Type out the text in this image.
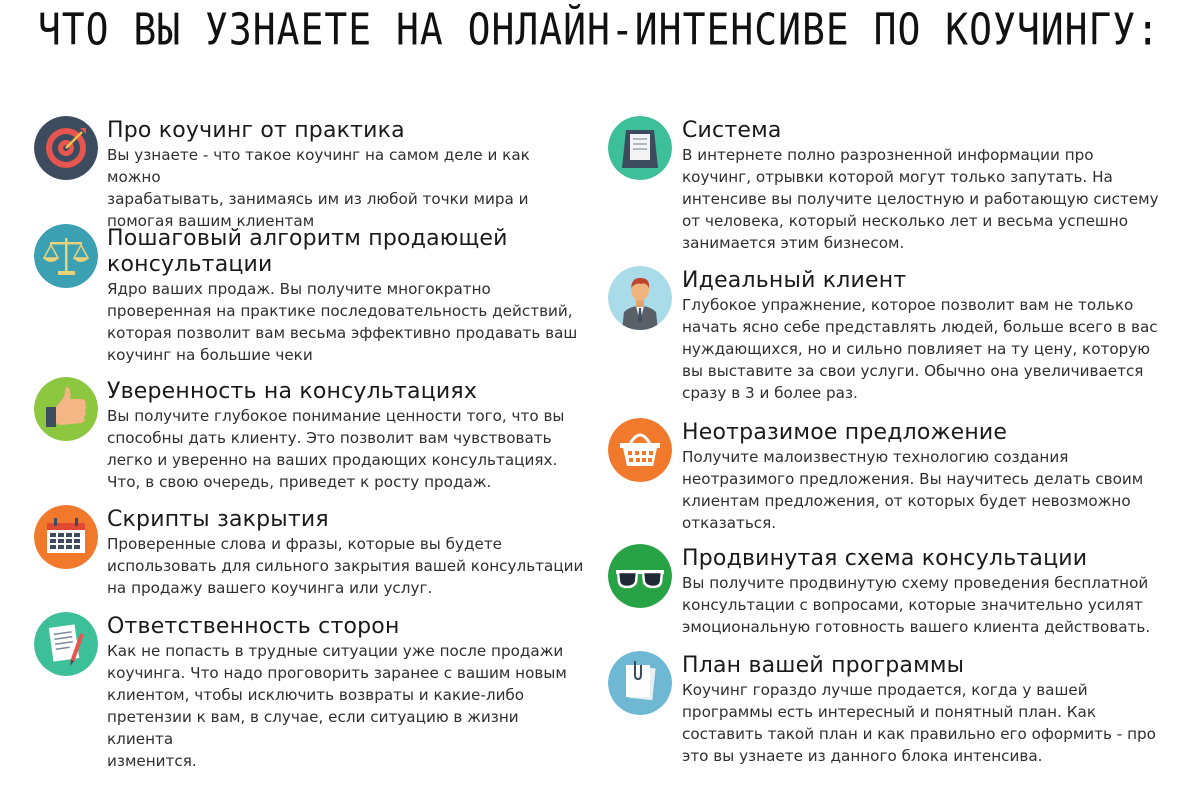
ЧТО ВЫ УЗНАЕТЕ НА ОНЛАЙН-ИНТЕНСИВЕ ПО КОУЧИНГУ:

Про коучинг от практика

Вы узнаете - что такое коучинг на самом деле и как можно
зарабатывать, занимаясь им из любой точки мира и
помогая вашим клиентам

Пошаговый алгоритм продающей
консультации

Ядро ваших продаж. Вы получите многократно
проверенная на практике последовательность действий,
которая позволит вам весьма эффективно продавать ваш
коучинг на большие чеки

Уверенность на консультациях

Вы получите глубокое понимание ценности того, что вы
способны дать клиенту. Это позволит вам чувствовать
легко и уверенно на ваших продающих консультациях.
Что, в свою очередь, приведет к росту продаж.

Скрипты закрытия

Проверенные слова и фразы, которые вы будете
использовать для сильного закрытия вашей консультации
на продажу вашего коучинга или услуг.

Ответственность сторон

Как не попасть в трудные ситуации уже после продажи
коучинга. Что надо проговорить заранее с вашим новым
клиентом, чтобы исключить возвраты и какие-либо
претензии к вам, в случае, если ситуацию в жизни клиента
изменится.

Система

В интернете полно разрозненной информации про
коучинг, отрывки которой могут только запутать. На
интенсиве вы получите целостную и работающую систему
от человека, который несколько лет и весьма успешно
занимается этим бизнесом.

Идеальный клиент

Глубокое упражнение, которое позволит вам не только
начать ясно себе представлять людей, больше всего в вас
нуждающихся, но и сильно повлияет на ту цену, которую
вы выставите за свои услуги. Обычно она увеличивается
сразу в 3 и более раз.

Неотразимое предложение

Получите малоизвестную технологию создания
неотразимого предложения. Вы научитесь делать своим
клиентам предложения, от которых будет невозможно
отказаться.

Продвинутая схема консультации

Вы получите продвинутую схему проведения бесплатной
консультации с вопросами, которые значительно усилят
эмоциональную готовность вашего клиента действовать.

План вашей программы

Коучинг гораздо лучше продается, когда у вашей
программы есть интересный и понятный план. Как
составить такой план и как правильно его оформить - про
это вы узнаете из данного блока интенсива.
